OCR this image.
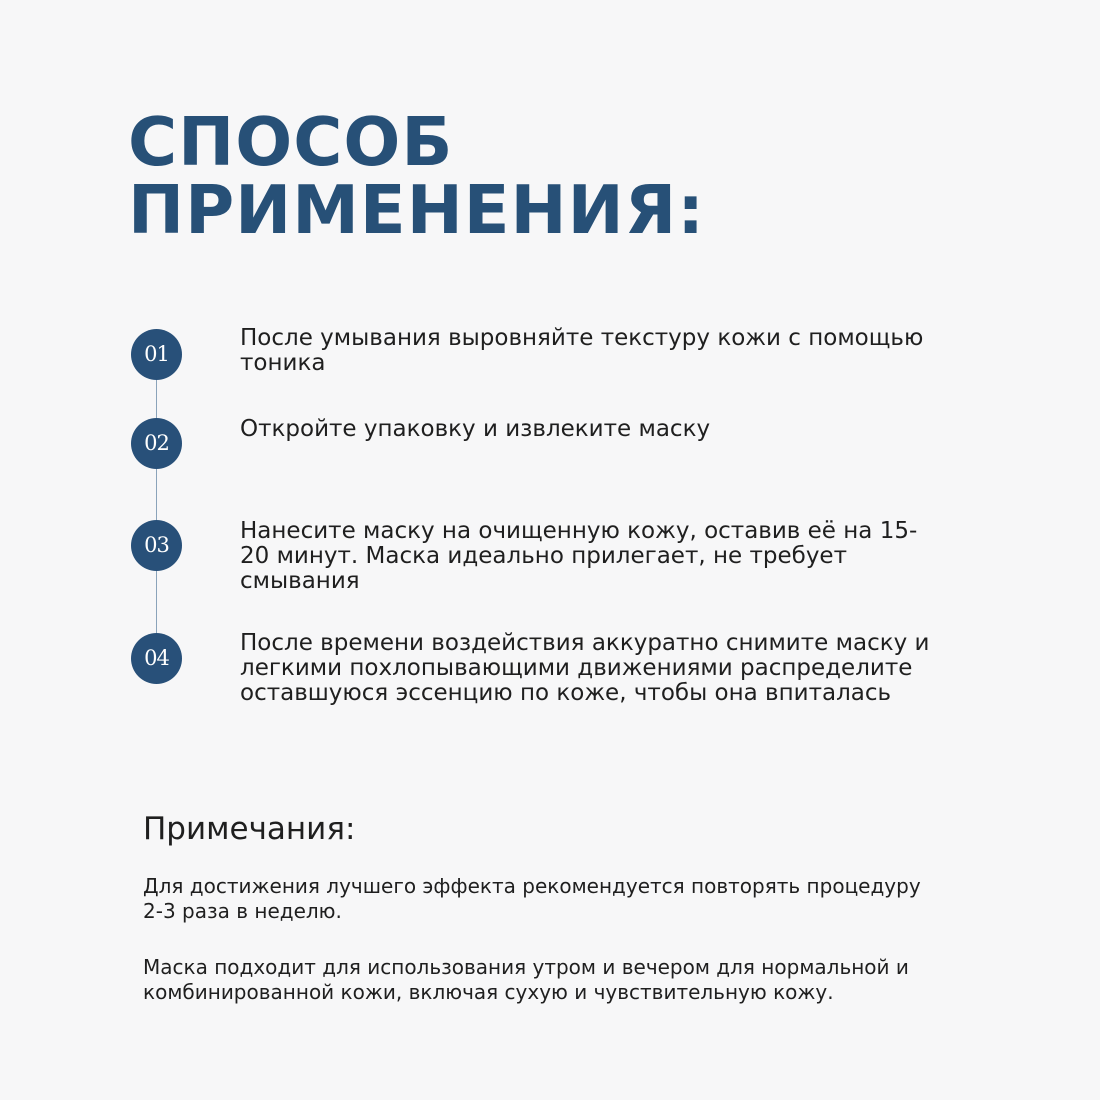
СПОСОБ
ПРИМЕНЕНИЯ:
01

После умывания выровняйте текстуру кожи с помощью тоника

02

Откройте упаковку и извлеките маску

03

Нанесите маску на очищенную кожу, оставив её на 15-20 минут. Маска идеально прилегает, не требует смывания

04

После времени воздействия аккуратно снимите маску и легкими похлопывающими движениями распределите оставшуюся эссенцию по коже, чтобы она впиталась

Примечания:

Для достижения лучшего эффекта рекомендуется повторять процедуру 2-3 раза в неделю.

Маска подходит для использования утром и вечером для нормальной и комбинированной кожи, включая сухую и чувствительную кожу.
